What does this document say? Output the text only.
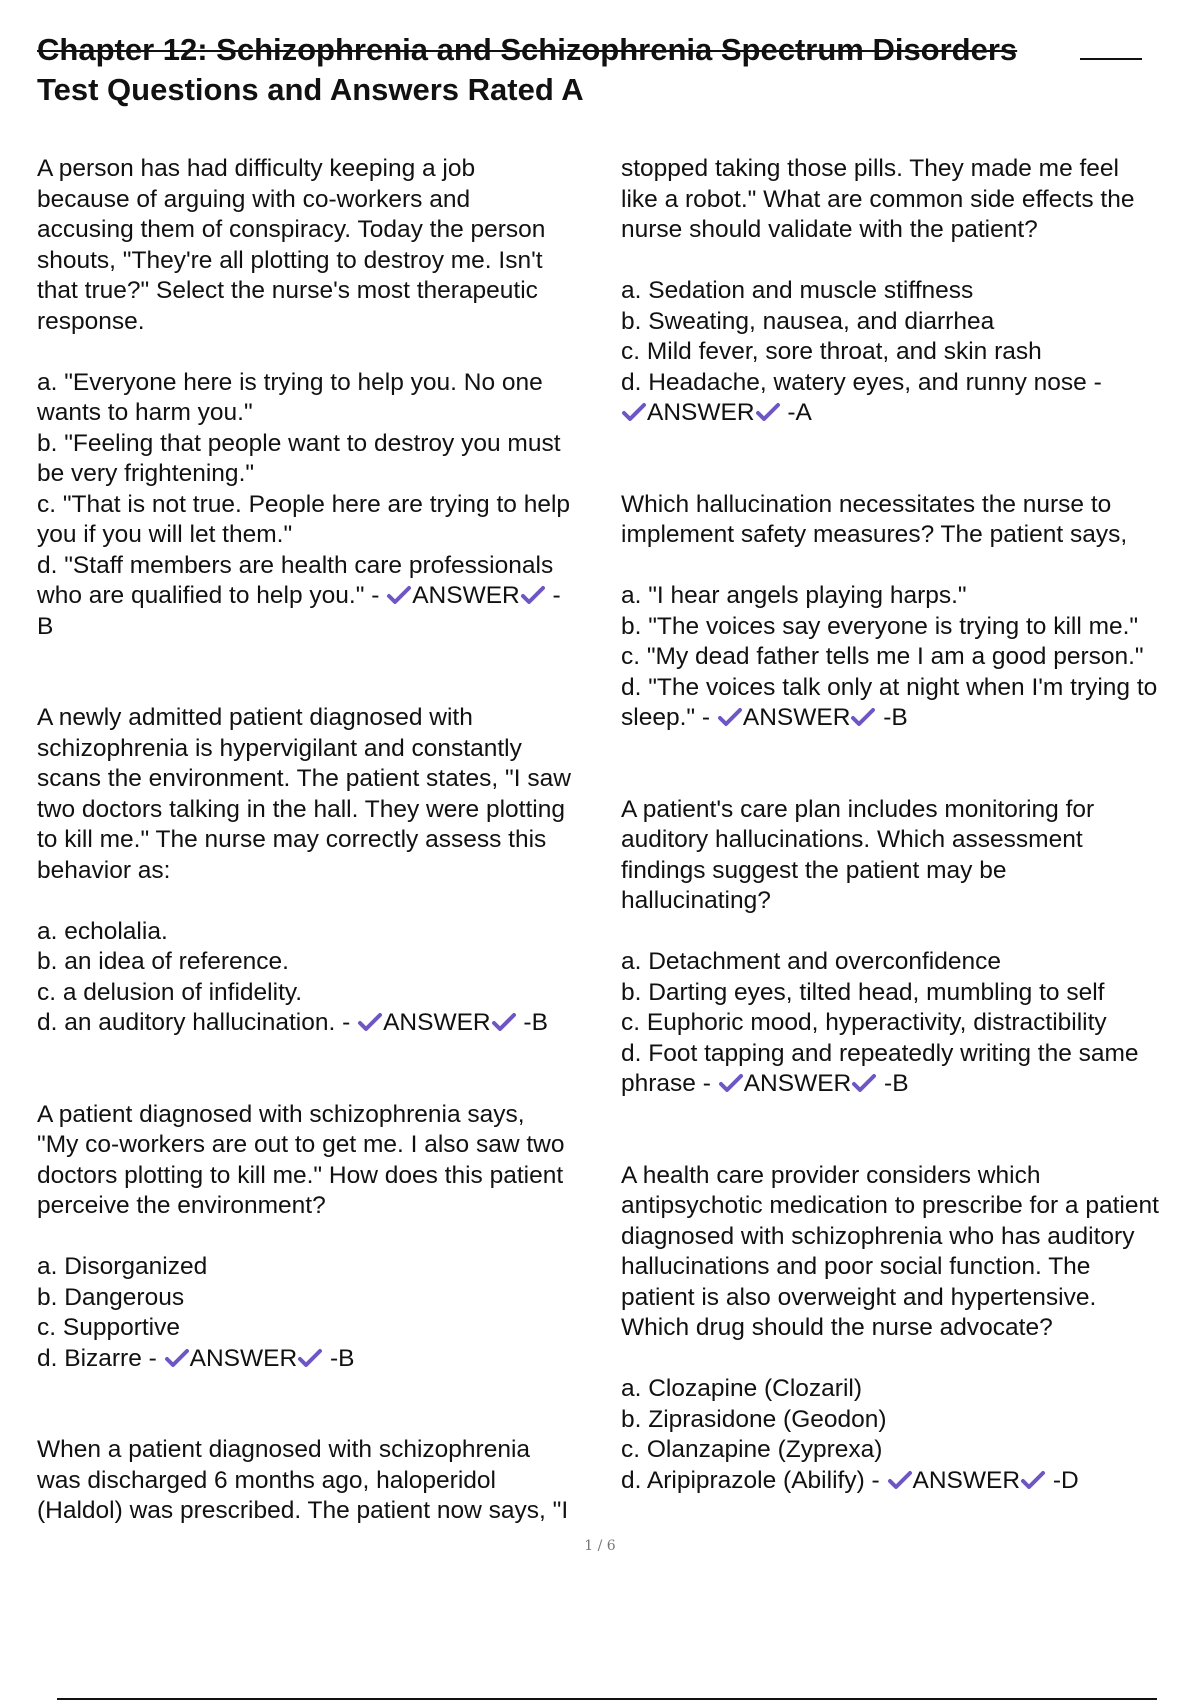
Chapter 12: Schizophrenia and Schizophrenia Spectrum Disorders
Test Questions and Answers Rated A
A person has had difficulty keeping a job
because of arguing with co-workers and
accusing them of conspiracy. Today the person
shouts, "They're all plotting to destroy me. Isn't
that true?" Select the nurse's most therapeutic
response.
a. "Everyone here is trying to help you. No one
wants to harm you."
b. "Feeling that people want to destroy you must
be very frightening."
c. "That is not true. People here are trying to help
you if you will let them."
d. "Staff members are health care professionals
who are qualified to help you." - ANSWER -
B
A newly admitted patient diagnosed with
schizophrenia is hypervigilant and constantly
scans the environment. The patient states, "I saw
two doctors talking in the hall. They were plotting
to kill me." The nurse may correctly assess this
behavior as:
a. echolalia.
b. an idea of reference.
c. a delusion of infidelity.
d. an auditory hallucination. - ANSWER -B
A patient diagnosed with schizophrenia says,
"My co-workers are out to get me. I also saw two
doctors plotting to kill me." How does this patient
perceive the environment?
a. Disorganized
b. Dangerous
c. Supportive
d. Bizarre - ANSWER -B
When a patient diagnosed with schizophrenia
was discharged 6 months ago, haloperidol
(Haldol) was prescribed. The patient now says, "I
stopped taking those pills. They made me feel
like a robot." What are common side effects the
nurse should validate with the patient?
a. Sedation and muscle stiffness
b. Sweating, nausea, and diarrhea
c. Mild fever, sore throat, and skin rash
d. Headache, watery eyes, and runny nose -
ANSWER -A
Which hallucination necessitates the nurse to
implement safety measures? The patient says,
a. "I hear angels playing harps."
b. "The voices say everyone is trying to kill me."
c. "My dead father tells me I am a good person."
d. "The voices talk only at night when I'm trying to
sleep." - ANSWER -B
A patient's care plan includes monitoring for
auditory hallucinations. Which assessment
findings suggest the patient may be
hallucinating?
a. Detachment and overconfidence
b. Darting eyes, tilted head, mumbling to self
c. Euphoric mood, hyperactivity, distractibility
d. Foot tapping and repeatedly writing the same
phrase - ANSWER -B
A health care provider considers which
antipsychotic medication to prescribe for a patient
diagnosed with schizophrenia who has auditory
hallucinations and poor social function. The
patient is also overweight and hypertensive.
Which drug should the nurse advocate?
a. Clozapine (Clozaril)
b. Ziprasidone (Geodon)
c. Olanzapine (Zyprexa)
d. Aripiprazole (Abilify) - ANSWER -D
1 / 6
